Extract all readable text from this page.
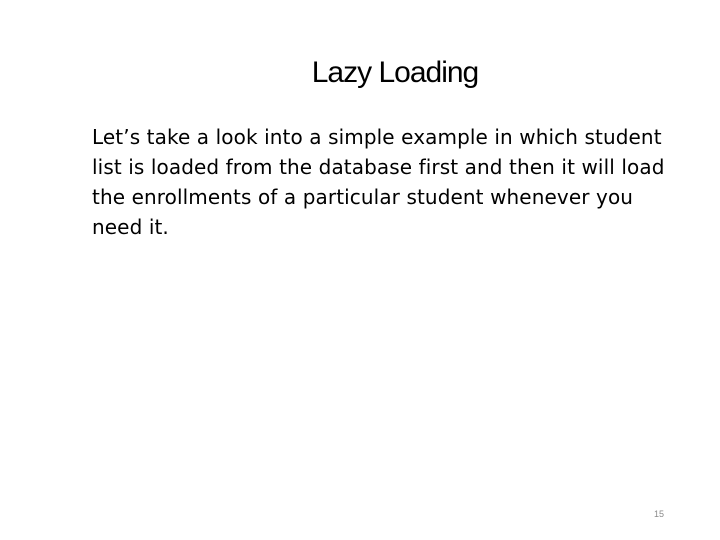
Lazy Loading
Let’s take a look into a simple example in which student list is loaded from the database first and then it will load the enrollments of a particular student whenever you need it.
15
